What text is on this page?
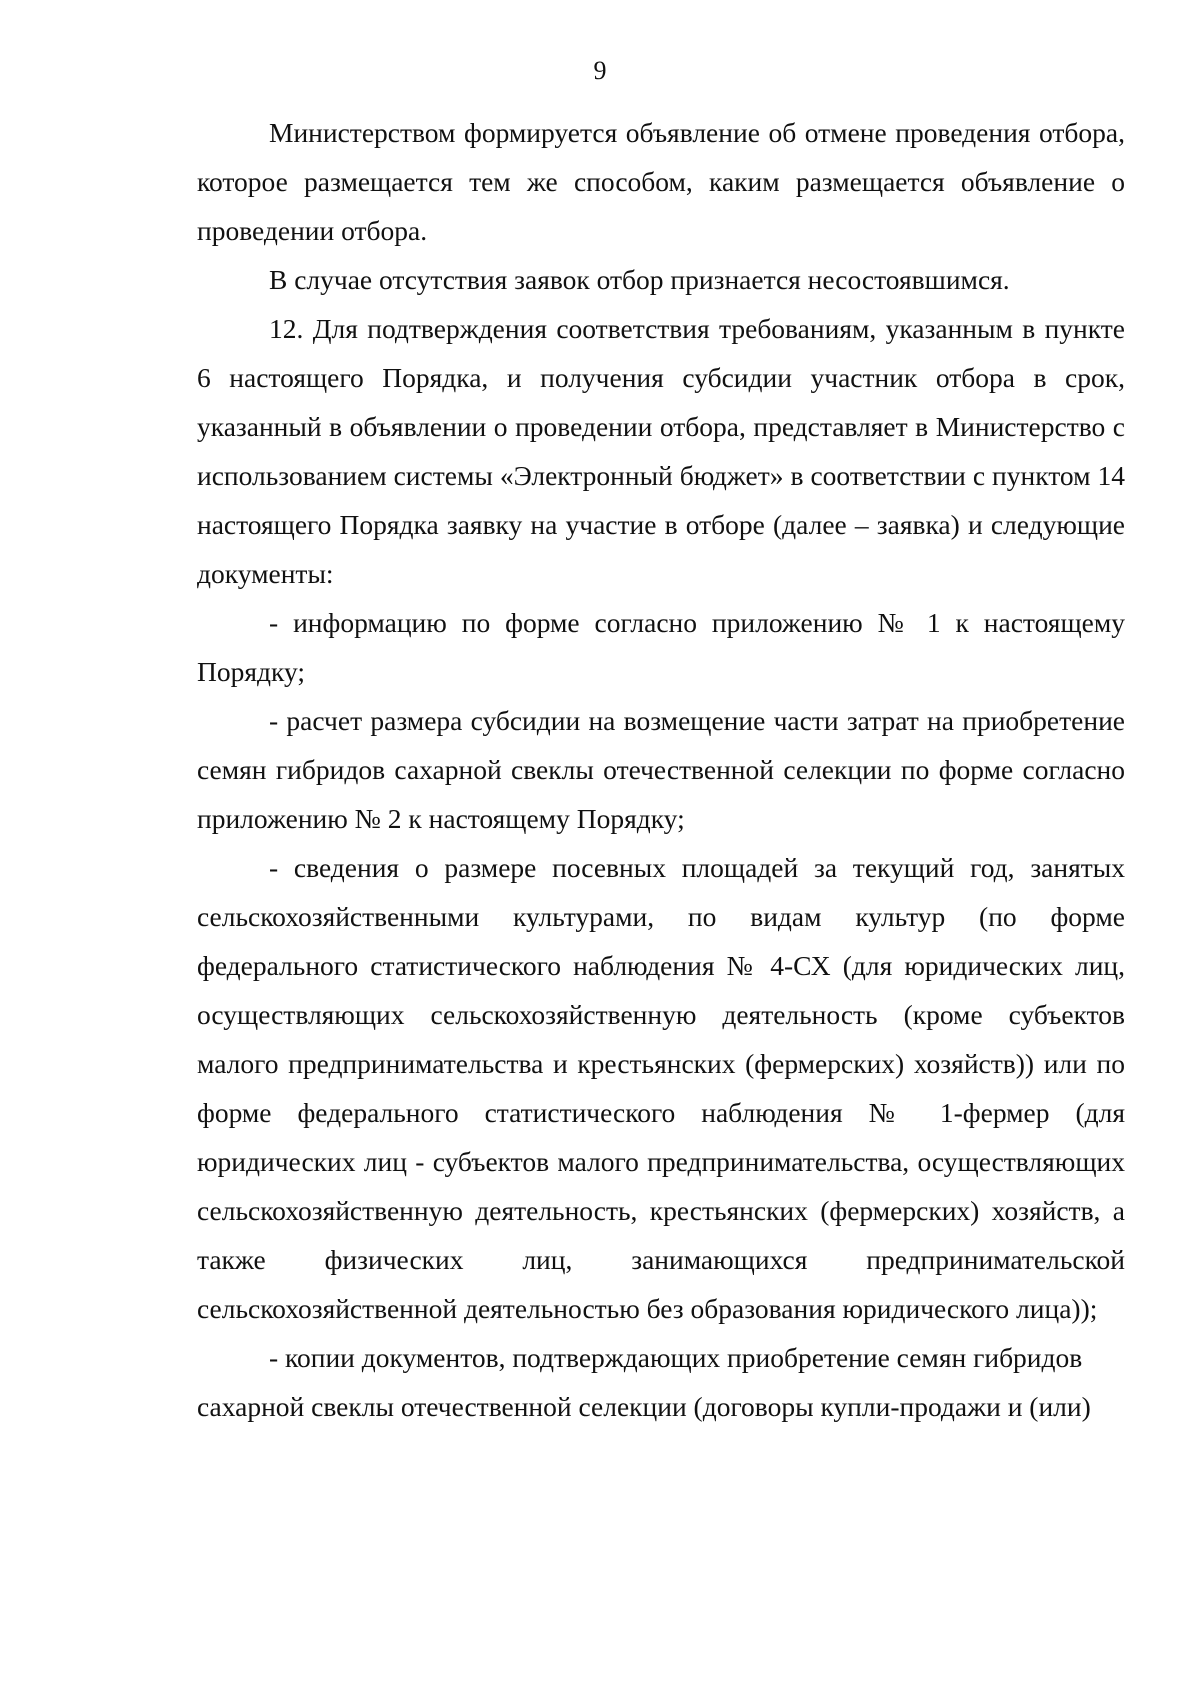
9

Министерством формируется объявление об отмене проведения отбора, которое размещается тем же способом, каким размещается объявление о проведении отбора.

В случае отсутствия заявок отбор признается несостоявшимся.

12. Для подтверждения соответствия требованиям, указанным в пункте 6 настоящего Порядка, и получения субсидии участник отбора в срок, указанный в объявлении о проведении отбора, представляет в Министерство с использованием системы «Электронный бюджет» в соответствии с пунктом 14 настоящего Порядка заявку на участие в отборе (далее – заявка) и следующие документы:

- информацию по форме согласно приложению № 1 к настоящему Порядку;

- расчет размера субсидии на возмещение части затрат на приобретение семян гибридов сахарной свеклы отечественной селекции по форме согласно приложению № 2 к настоящему Порядку;

- сведения о размере посевных площадей за текущий год, занятых сельскохозяйственными культурами, по видам культур (по форме федерального статистического наблюдения № 4-СХ (для юридических лиц, осуществляющих сельскохозяйственную деятельность (кроме субъектов малого предпринимательства и крестьянских (фермерских) хозяйств)) или по форме федерального статистического наблюдения № 1-фермер (для юридических лиц - субъектов малого предпринимательства, осуществляющих сельскохозяйственную деятельность, крестьянских (фермерских) хозяйств, а также физических лиц, занимающихся предпринимательской сельскохозяйственной деятельностью без образования юридического лица));

- копии документов, подтверждающих приобретение семян гибридов сахарной свеклы отечественной селекции (договоры купли-продажи и (или)
